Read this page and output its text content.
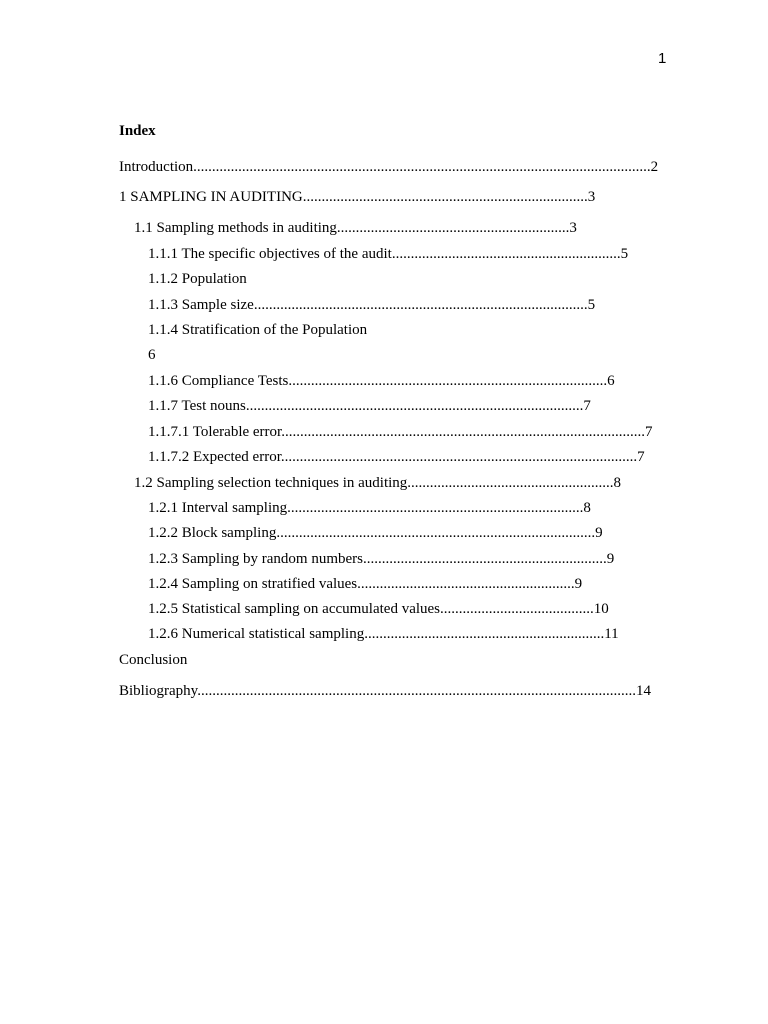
1
Index
Introduction..........................................................................................................................2
1 SAMPLING IN AUDITING............................................................................3
1.1 Sampling methods in auditing..............................................................3
1.1.1 The specific objectives of the audit.............................................................5
1.1.2 Population
1.1.3 Sample size.........................................................................................5
1.1.4 Stratification of the Population
6
1.1.6 Compliance Tests.....................................................................................6
1.1.7 Test nouns..........................................................................................7
1.1.7.1 Tolerable error.................................................................................................7
1.1.7.2 Expected error...............................................................................................7
1.2 Sampling selection techniques in auditing.......................................................8
1.2.1 Interval sampling...............................................................................8
1.2.2 Block sampling.....................................................................................9
1.2.3 Sampling by random numbers.................................................................9
1.2.4 Sampling on stratified values..........................................................9
1.2.5 Statistical sampling on accumulated values.........................................10
1.2.6 Numerical statistical sampling................................................................11
Conclusion
Bibliography.....................................................................................................................14
